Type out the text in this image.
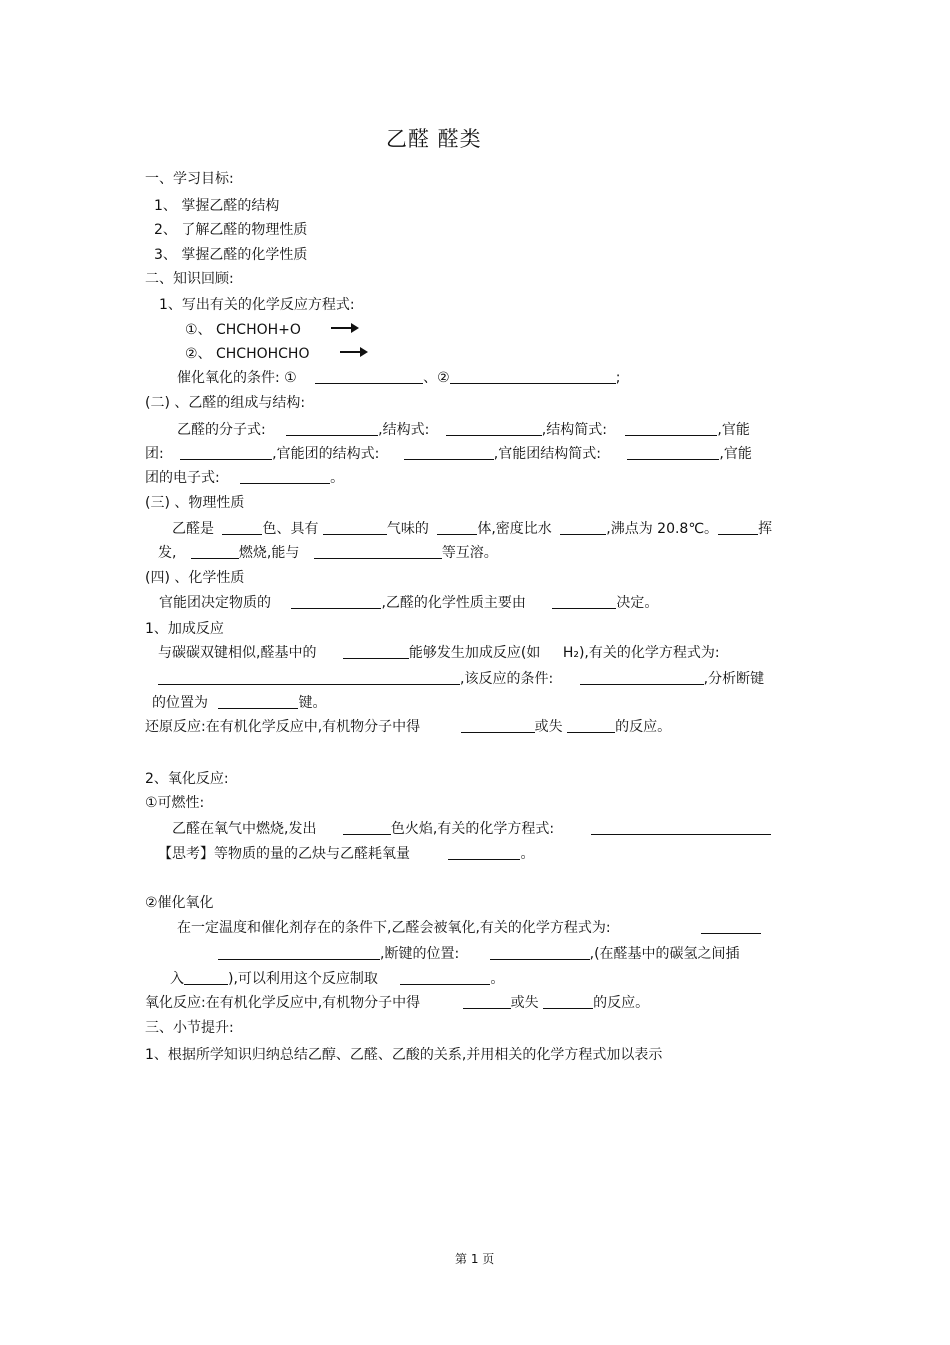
乙醛 醛类
一、学习目标:
1、 掌握乙醛的结构
2、 了解乙醛的物理性质
3、 掌握乙醛的化学性质
二、知识回顾:
1、写出有关的化学反应方程式:
①、 CHCHOH+O
②、 CHCHOHCHO
催化氧化的条件: ①	、②	;
(二) 、乙醛的组成与结构:
乙醛的分子式:	,结构式:	,结构简式:	,官能
团:	,官能团的结构式:	,官能团结构简式:	,官能
团的电子式:	。
(三) 、物理性质
乙醛是	色、具有	气味的	体,密度比水	,沸点为 20.8℃。	挥
发,	燃烧,能与	等互溶。
(四) 、化学性质
官能团决定物质的	,乙醛的化学性质主要由	决定。
1、加成反应
与碳碳双键相似,醛基中的	能够发生加成反应(如 H₂),有关的化学方程式为:
,该反应的条件:	,分析断键
的位置为	键。
还原反应:在有机化学反应中,有机物分子中得	或失	的反应。
2、氧化反应:
①可燃性:
乙醛在氧气中燃烧,发出	色火焰,有关的化学方程式:
【思考】等物质的量的乙炔与乙醛耗氧量	。
②催化氧化
在一定温度和催化剂存在的条件下,乙醛会被氧化,有关的化学方程式为:
,断键的位置:	,(在醛基中的碳氢之间插
入	),可以利用这个反应制取	。
氧化反应:在有机化学反应中,有机物分子中得	或失	的反应。
三、小节提升:
1、根据所学知识归纳总结乙醇、乙醛、乙酸的关系,并用相关的化学方程式加以表示
第 1 页
